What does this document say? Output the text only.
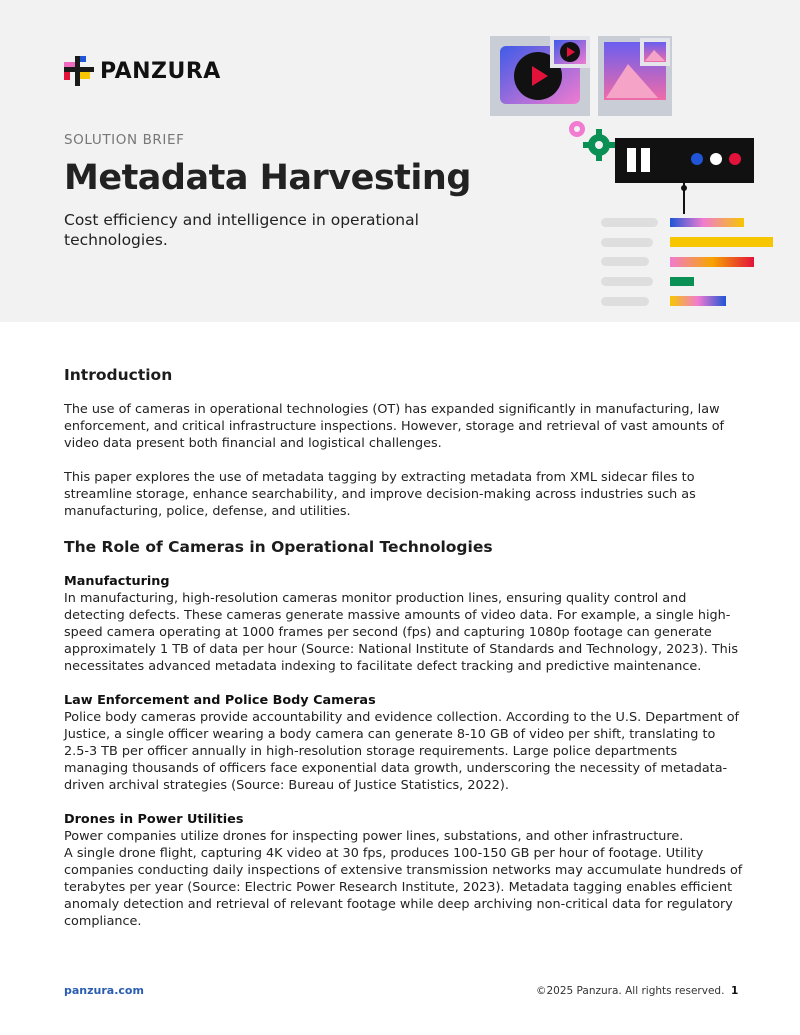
PANZURA
SOLUTION BRIEF
Metadata Harvesting

Cost efficiency and intelligence in operational technologies.

Introduction

The use of cameras in operational technologies (OT) has expanded significantly in manufacturing, law enforcement, and critical infrastructure inspections. However, storage and retrieval of vast amounts of video data present both financial and logistical challenges.

This paper explores the use of metadata tagging by extracting metadata from XML sidecar files to streamline storage, enhance searchability, and improve decision-making across industries such as manufacturing, police, defense, and utilities.

The Role of Cameras in Operational Technologies

Manufacturing

In manufacturing, high-resolution cameras monitor production lines, ensuring quality control and detecting defects. These cameras generate massive amounts of video data. For example, a single high-speed camera operating at 1000 frames per second (fps) and capturing 1080p footage can generate approximately 1 TB of data per hour (Source: National Institute of Standards and Technology, 2023). This necessitates advanced metadata indexing to facilitate defect tracking and predictive maintenance.

Law Enforcement and Police Body Cameras

Police body cameras provide accountability and evidence collection. According to the U.S. Department of Justice, a single officer wearing a body camera can generate 8-10 GB of video per shift, translating to 2.5-3 TB per officer annually in high-resolution storage requirements. Large police departments managing thousands of officers face exponential data growth, underscoring the necessity of metadata-driven archival strategies (Source: Bureau of Justice Statistics, 2022).

Drones in Power Utilities

Power companies utilize drones for inspecting power lines, substations, and other infrastructure.

A single drone flight, capturing 4K video at 30 fps, produces 100-150 GB per hour of footage. Utility companies conducting daily inspections of extensive transmission networks may accumulate hundreds of terabytes per year (Source: Electric Power Research Institute, 2023). Metadata tagging enables efficient anomaly detection and retrieval of relevant footage while deep archiving non-critical data for regulatory compliance.

panzura.com	©2025 Panzura. All rights reserved. 1
